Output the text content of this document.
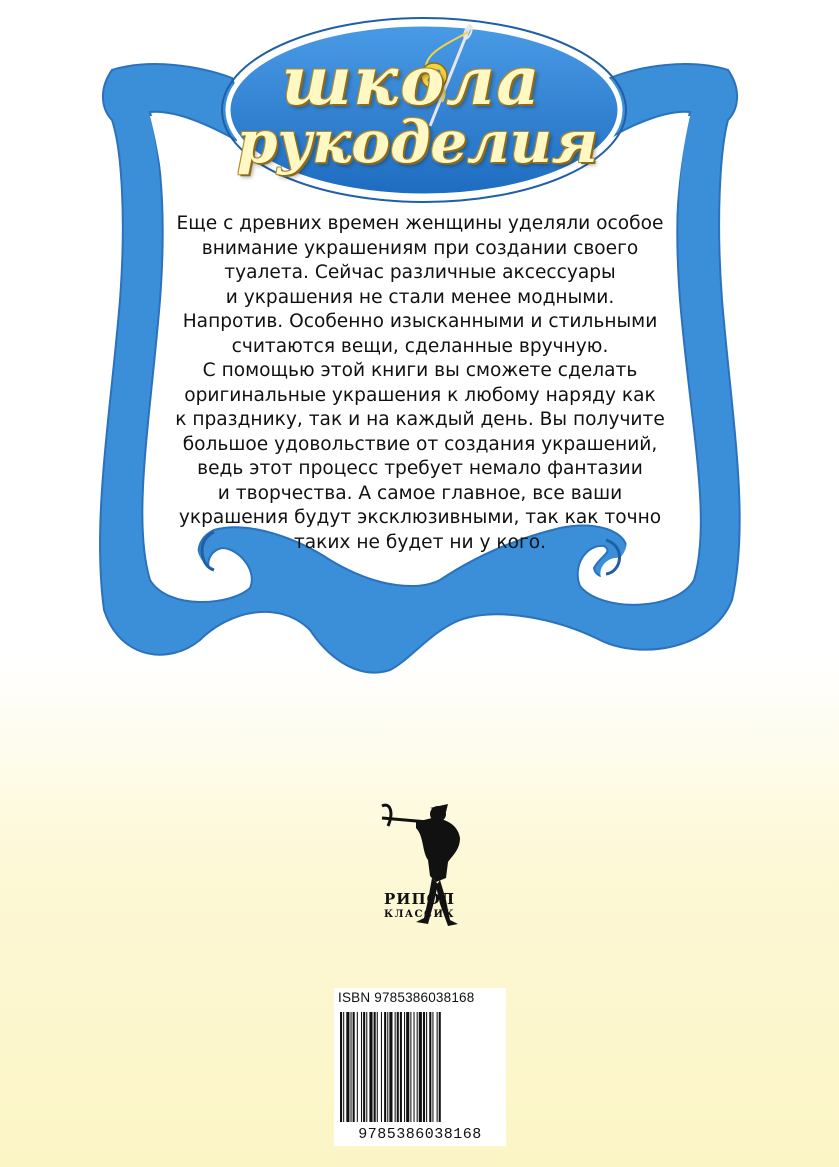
школа
рукоделия

Еще с древних времен женщины уделяли особое

внимание украшениям при создании своего

туалета. Сейчас различные аксессуары

и украшения не стали менее модными.

Напротив. Особенно изысканными и стильными

считаются вещи, сделанные вручную.

С помощью этой книги вы сможете сделать

оригинальные украшения к любому наряду как

к празднику, так и на каждый день. Вы получите

большое удовольствие от создания украшений,

ведь этот процесс требует немало фантазии

и творчества. А самое главное, все ваши

украшения будут эксклюзивными, так как точно

таких не будет ни у кого.

РИПОЛ
КЛАССИК
ISBN 9785386038168
9785386038168
